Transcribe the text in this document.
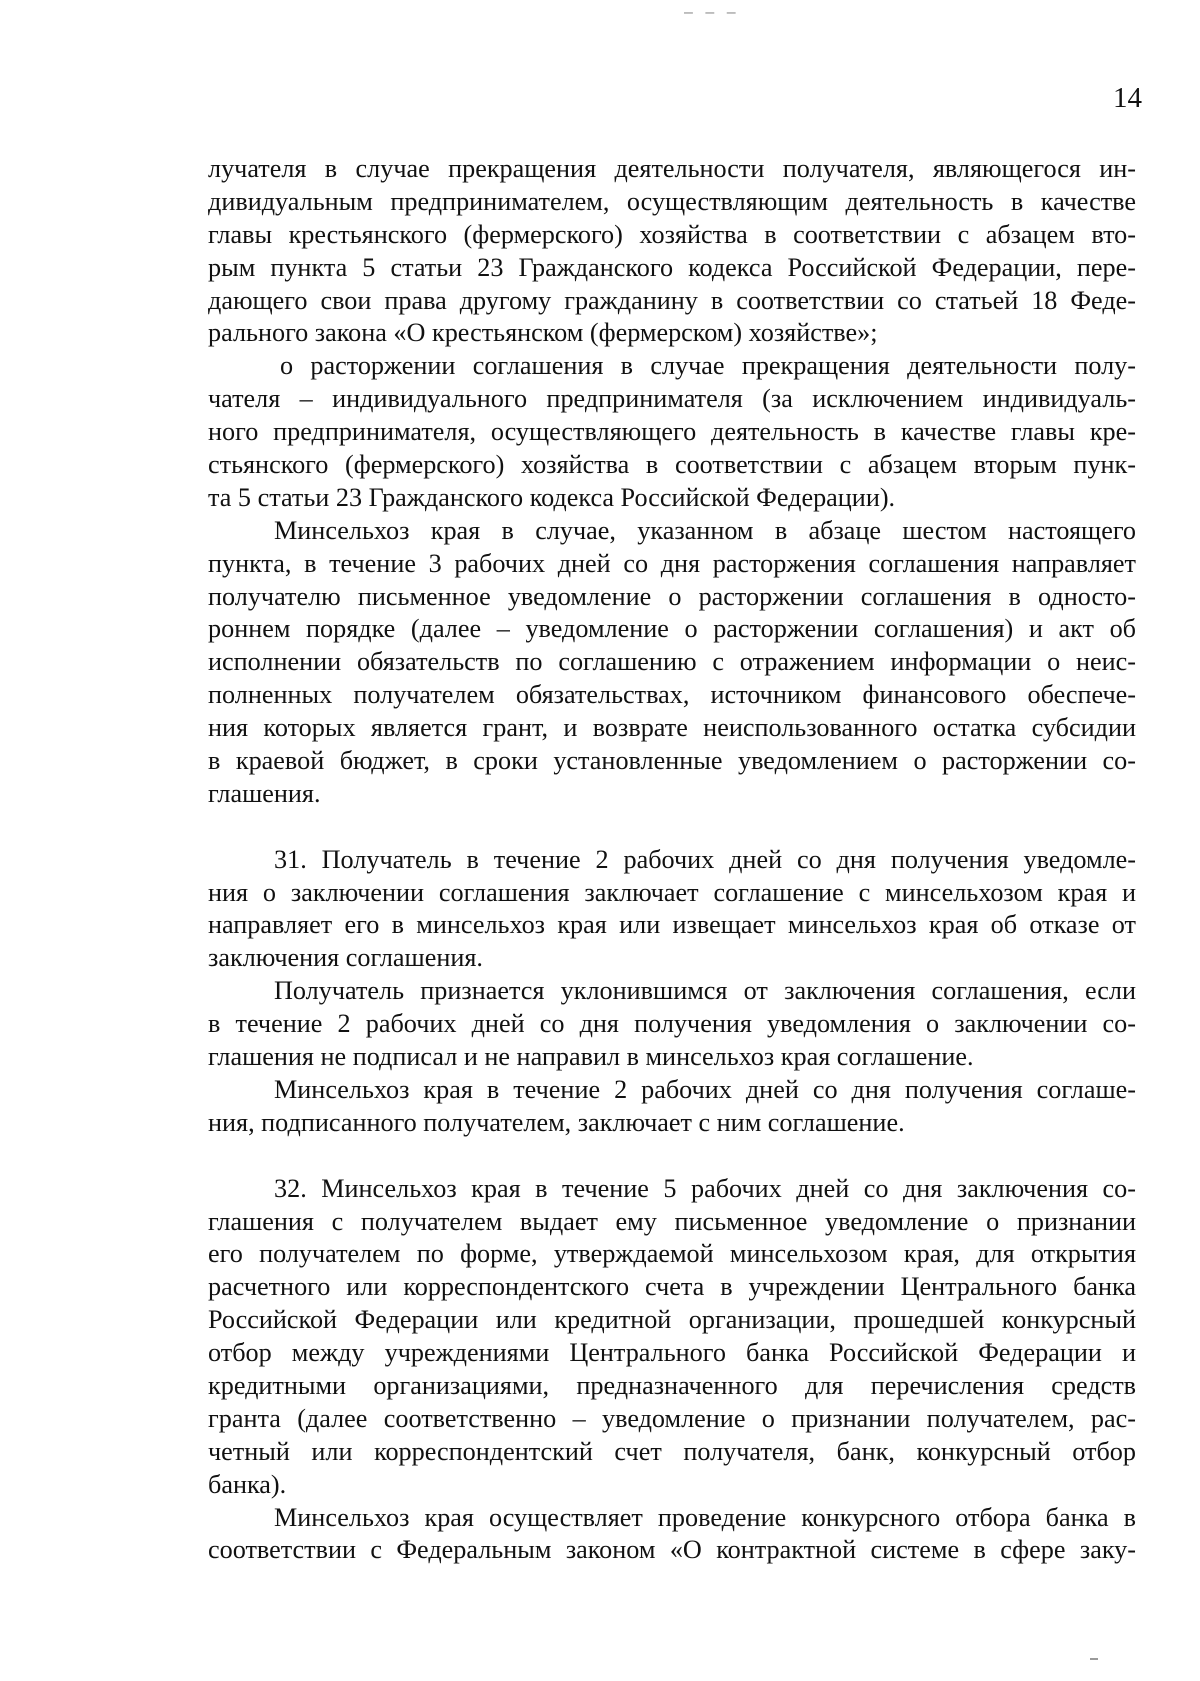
– – –
14
лучателя в случае прекращения деятельности получателя, являющегося ин-
дивидуальным предпринимателем, осуществляющим деятельность в качестве
главы крестьянского (фермерского) хозяйства в соответствии с абзацем вто-
рым пункта 5 статьи 23 Гражданского кодекса Российской Федерации, пере-
дающего свои права другому гражданину в соответствии со статьей 18 Феде-
рального закона «О крестьянском (фермерском) хозяйстве»;
о расторжении соглашения в случае прекращения деятельности полу-
чателя – индивидуального предпринимателя (за исключением индивидуаль-
ного предпринимателя, осуществляющего деятельность в качестве главы кре-
стьянского (фермерского) хозяйства в соответствии с абзацем вторым пунк-
та 5 статьи 23 Гражданского кодекса Российской Федерации).
Минсельхоз края в случае, указанном в абзаце шестом настоящего
пункта, в течение 3 рабочих дней со дня расторжения соглашения направляет
получателю письменное уведомление о расторжении соглашения в односто-
роннем порядке (далее – уведомление о расторжении соглашения) и акт об
исполнении обязательств по соглашению с отражением информации о неис-
полненных получателем обязательствах, источником финансового обеспече-
ния которых является грант, и возврате неиспользованного остатка субсидии
в краевой бюджет, в сроки установленные уведомлением о расторжении со-
глашения.
31. Получатель в течение 2 рабочих дней со дня получения уведомле-
ния о заключении соглашения заключает соглашение с минсельхозом края и
направляет его в минсельхоз края или извещает минсельхоз края об отказе от
заключения соглашения.
Получатель признается уклонившимся от заключения соглашения, если
в течение 2 рабочих дней со дня получения уведомления о заключении со-
глашения не подписал и не направил в минсельхоз края соглашение.
Минсельхоз края в течение 2 рабочих дней со дня получения соглаше-
ния, подписанного получателем, заключает с ним соглашение.
32. Минсельхоз края в течение 5 рабочих дней со дня заключения со-
глашения с получателем выдает ему письменное уведомление о признании
его получателем по форме, утверждаемой минсельхозом края, для открытия
расчетного или корреспондентского счета в учреждении Центрального банка
Российской Федерации или кредитной организации, прошедшей конкурсный
отбор между учреждениями Центрального банка Российской Федерации и
кредитными организациями, предназначенного для перечисления средств
гранта (далее соответственно – уведомление о признании получателем, рас-
четный или корреспондентский счет получателя, банк, конкурсный отбор
банка).
Минсельхоз края осуществляет проведение конкурсного отбора банка в
соответствии с Федеральным законом «О контрактной системе в сфере заку-
